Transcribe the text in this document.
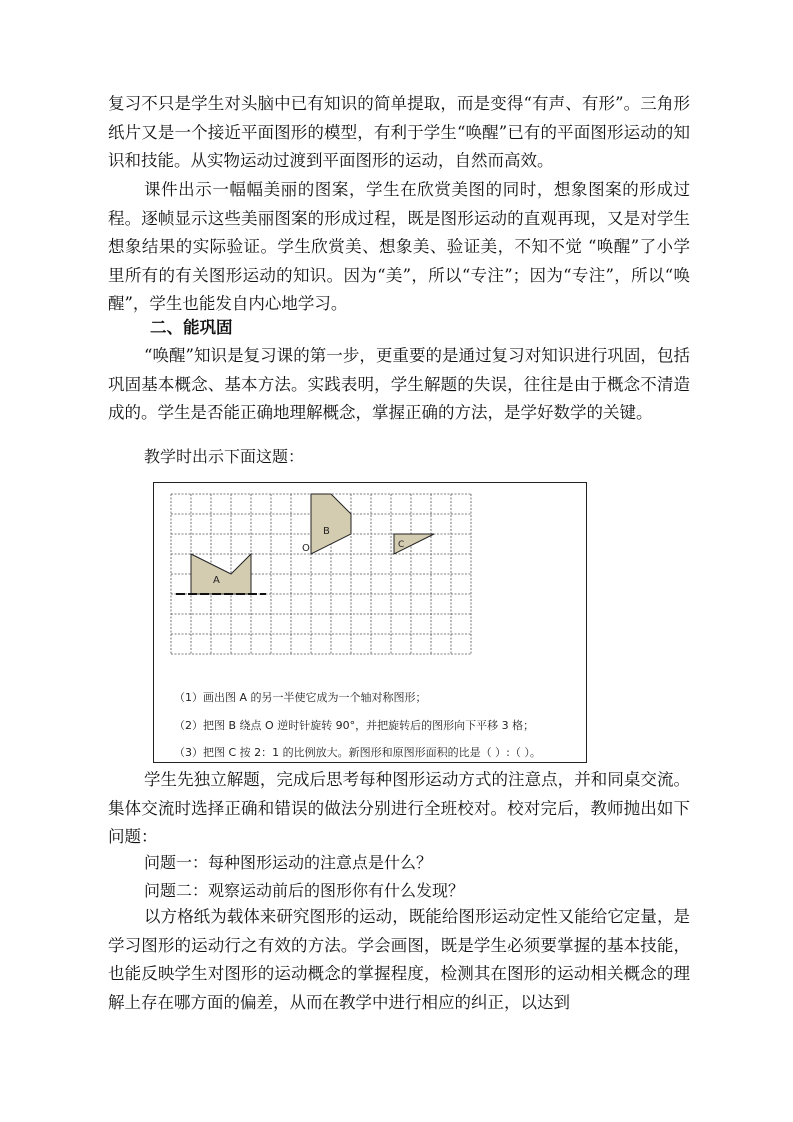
复习不只是学生对头脑中已有知识的简单提取，而是变得“有声、有形”。三角形纸片又是一个接近平面图形的模型，有利于学生“唤醒”已有的平面图形运动的知识和技能。从实物运动过渡到平面图形的运动，自然而高效。

课件出示一幅幅美丽的图案，学生在欣赏美图的同时，想象图案的形成过程。逐帧显示这些美丽图案的形成过程，既是图形运动的直观再现，又是对学生想象结果的实际验证。学生欣赏美、想象美、验证美，不知不觉 “唤醒”了小学里所有的有关图形运动的知识。因为“美”，所以“专注”；因为“专注”，所以“唤醒”，学生也能发自内心地学习。

二、能巩固

“唤醒”知识是复习课的第一步，更重要的是通过复习对知识进行巩固，包括巩固基本概念、基本方法。实践表明，学生解题的失误，往往是由于概念不清造成的。学生是否能正确地理解概念，掌握正确的方法，是学好数学的关键。

教学时出示下面这题：

A
B
C
O

（1）画出图 A 的另一半使它成为一个轴对称图形；

（2）把图 B 绕点 O 逆时针旋转 90°，并把旋转后的图形向下平移 3 格；

（3）把图 C 按 2：1 的比例放大。新图形和原图形面积的比是（ ）:（ ）。

学生先独立解题，完成后思考每种图形运动方式的注意点，并和同桌交流。集体交流时选择正确和错误的做法分别进行全班校对。校对完后，教师抛出如下问题：

问题一：每种图形运动的注意点是什么？

问题二：观察运动前后的图形你有什么发现？

以方格纸为载体来研究图形的运动，既能给图形运动定性又能给它定量，是学习图形的运动行之有效的方法。学会画图，既是学生必须要掌握的基本技能，也能反映学生对图形的运动概念的掌握程度，检测其在图形的运动相关概念的理解上存在哪方面的偏差，从而在教学中进行相应的纠正，以达到
